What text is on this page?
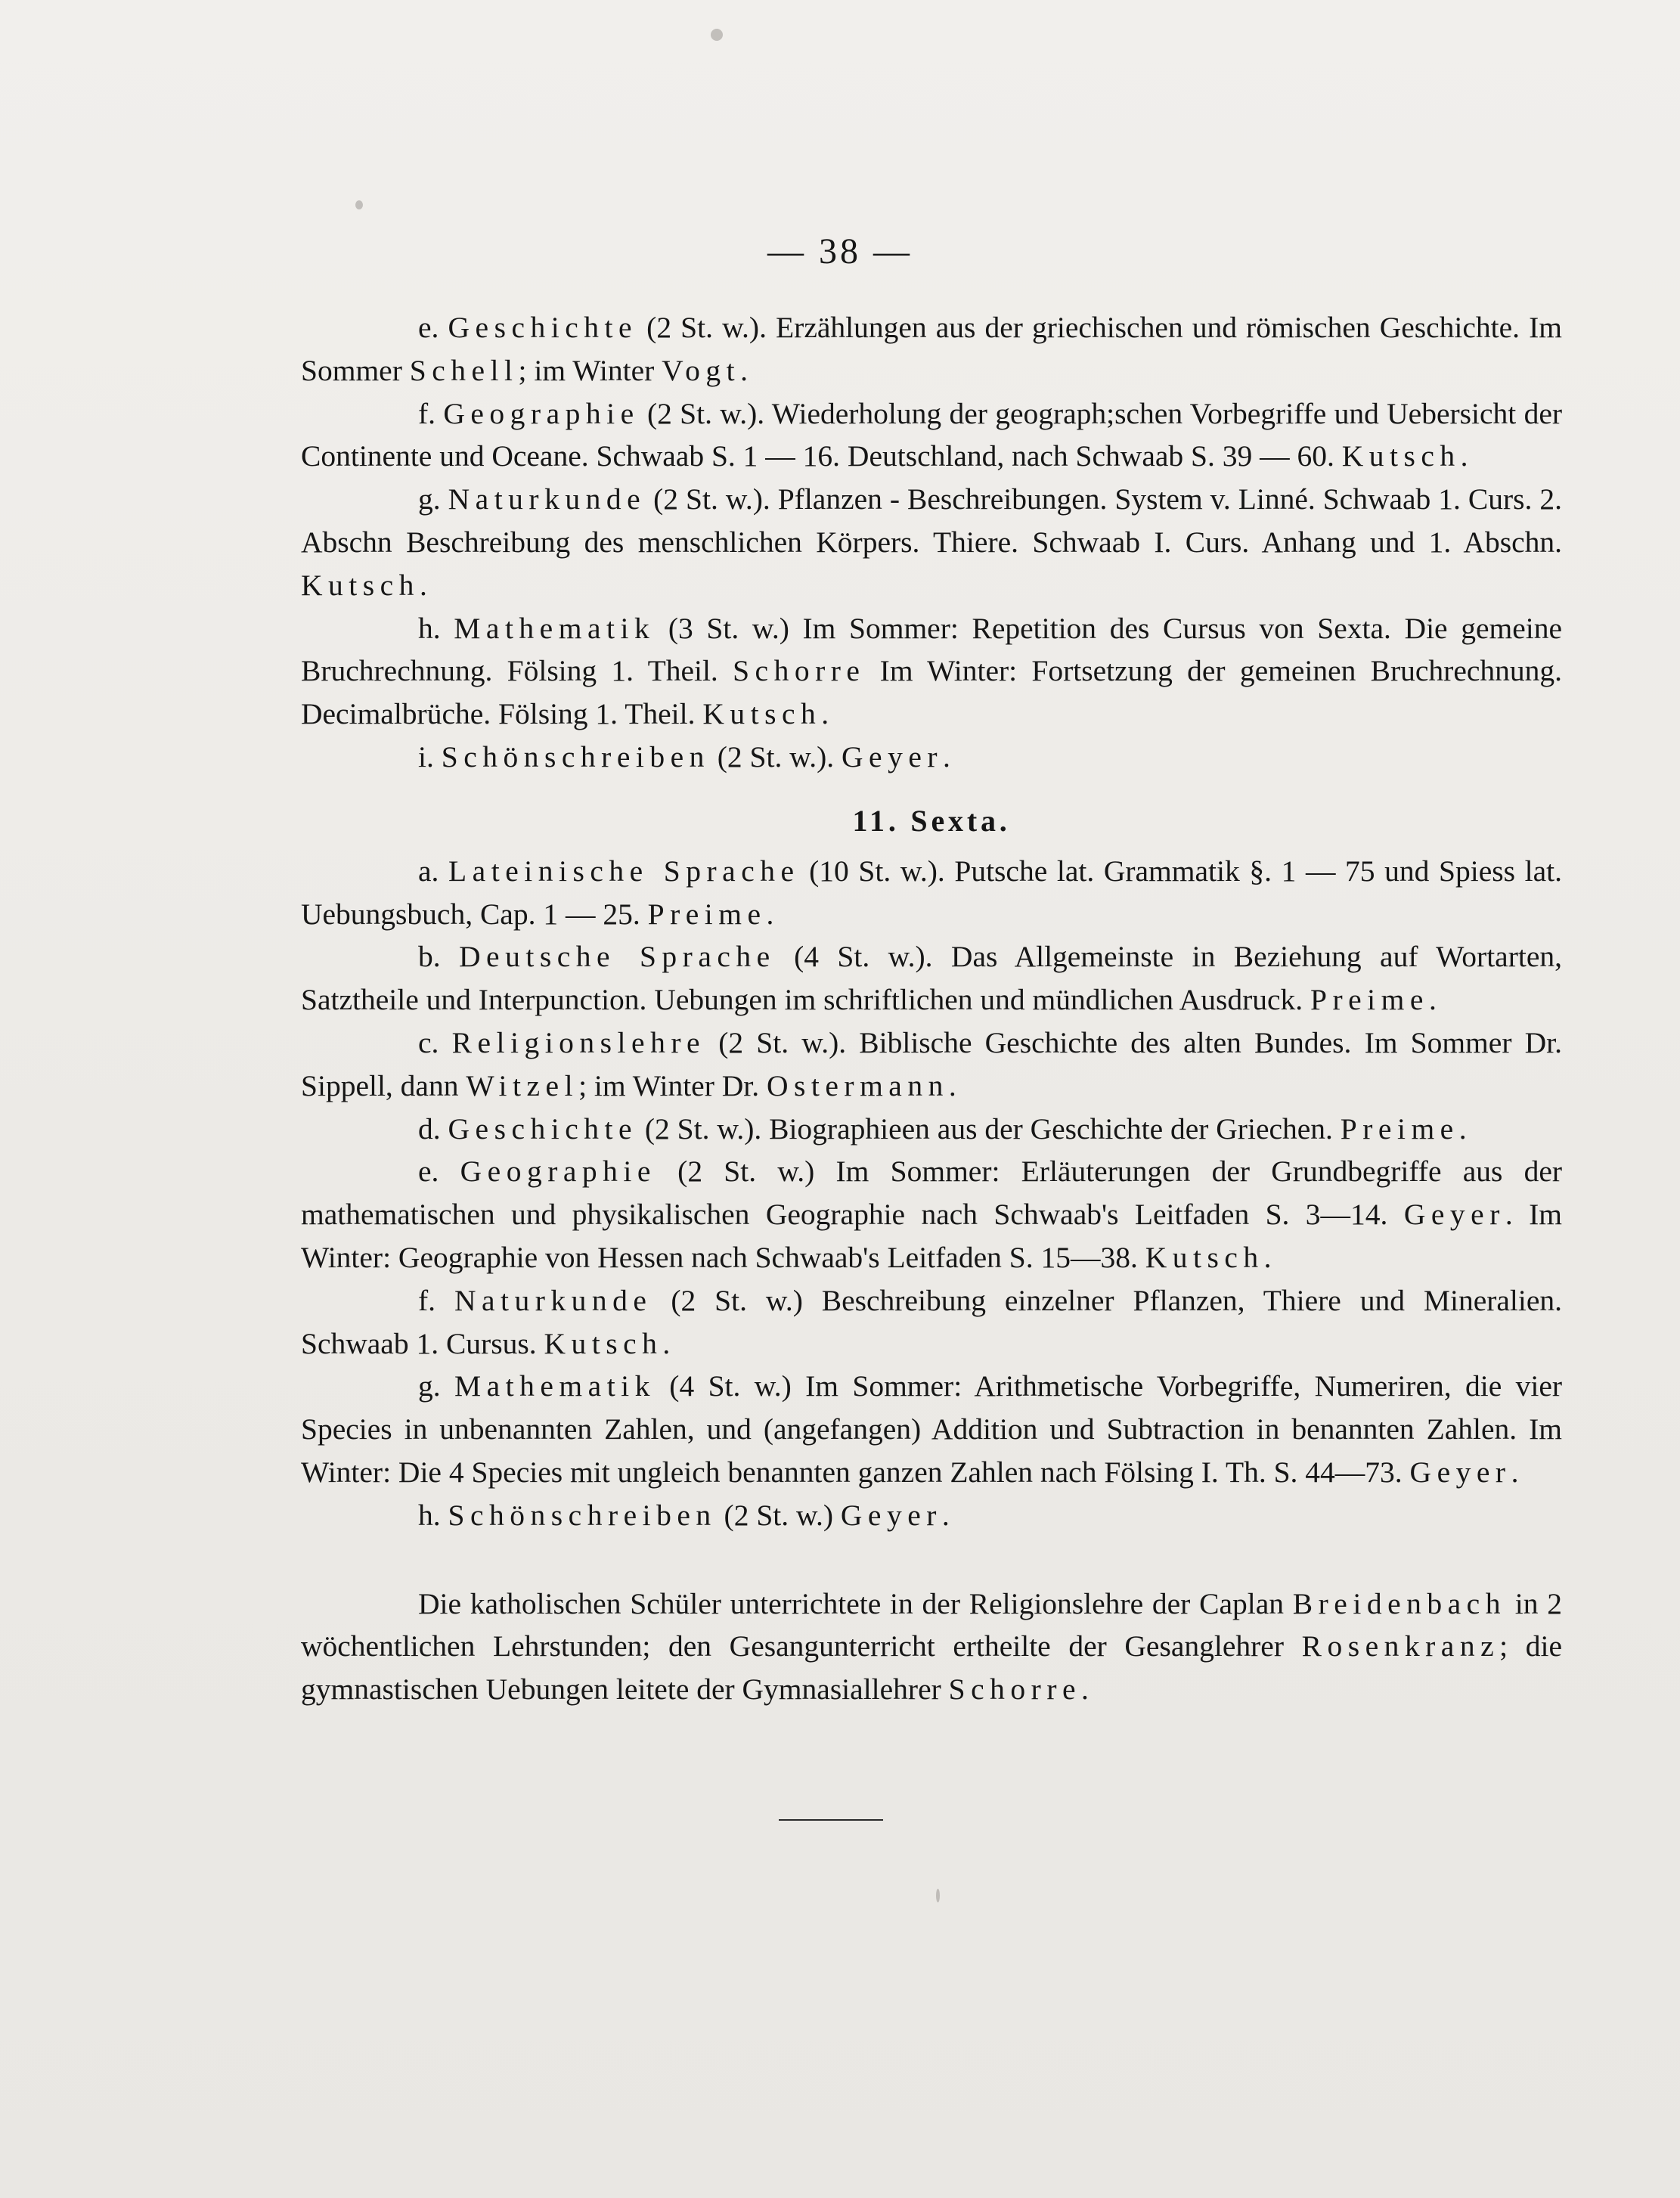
— 38 —

e. Geschichte (2 St. w.). Erzählungen aus der griechischen und römischen Geschichte. Im Sommer Schell; im Winter Vogt.

f. Geographie (2 St. w.). Wiederholung der geograph;schen Vorbegriffe und Uebersicht der Continente und Oceane. Schwaab S. 1 — 16. Deutschland, nach Schwaab S. 39 — 60. Kutsch.

g. Naturkunde (2 St. w.). Pflanzen - Beschreibungen. System v. Linné. Schwaab 1. Curs. 2. Abschn Beschreibung des menschlichen Körpers. Thiere. Schwaab I. Curs. Anhang und 1. Abschn. Kutsch.

h. Mathematik (3 St. w.) Im Sommer: Repetition des Cursus von Sexta. Die gemeine Bruchrechnung. Fölsing 1. Theil. Schorre Im Winter: Fortsetzung der gemeinen Bruchrechnung. Decimalbrüche. Fölsing 1. Theil. Kutsch.

i. Schönschreiben (2 St. w.). Geyer.

11. Sexta.

a. Lateinische Sprache (10 St. w.). Putsche lat. Grammatik §. 1 — 75 und Spiess lat. Uebungsbuch, Cap. 1 — 25. Preime.

b. Deutsche Sprache (4 St. w.). Das Allgemeinste in Beziehung auf Wortarten, Satztheile und Interpunction. Uebungen im schriftlichen und mündlichen Ausdruck. Preime.

c. Religionslehre (2 St. w.). Biblische Geschichte des alten Bundes. Im Sommer Dr. Sippell, dann Witzel; im Winter Dr. Ostermann.

d. Geschichte (2 St. w.). Biographieen aus der Geschichte der Griechen. Preime.

e. Geographie (2 St. w.) Im Sommer: Erläuterungen der Grundbegriffe aus der mathematischen und physikalischen Geographie nach Schwaab's Leitfaden S. 3—14. Geyer. Im Winter: Geographie von Hessen nach Schwaab's Leitfaden S. 15—38. Kutsch.

f. Naturkunde (2 St. w.) Beschreibung einzelner Pflanzen, Thiere und Mineralien. Schwaab 1. Cursus. Kutsch.

g. Mathematik (4 St. w.) Im Sommer: Arithmetische Vorbegriffe, Numeriren, die vier Species in unbenannten Zahlen, und (angefangen) Addition und Subtraction in benannten Zahlen. Im Winter: Die 4 Species mit ungleich benannten ganzen Zahlen nach Fölsing I. Th. S. 44—73. Geyer.

h. Schönschreiben (2 St. w.) Geyer.

Die katholischen Schüler unterrichtete in der Religionslehre der Caplan Breidenbach in 2 wöchentlichen Lehrstunden; den Gesangunterricht ertheilte der Gesanglehrer Rosenkranz; die gymnastischen Uebungen leitete der Gymnasiallehrer Schorre.
